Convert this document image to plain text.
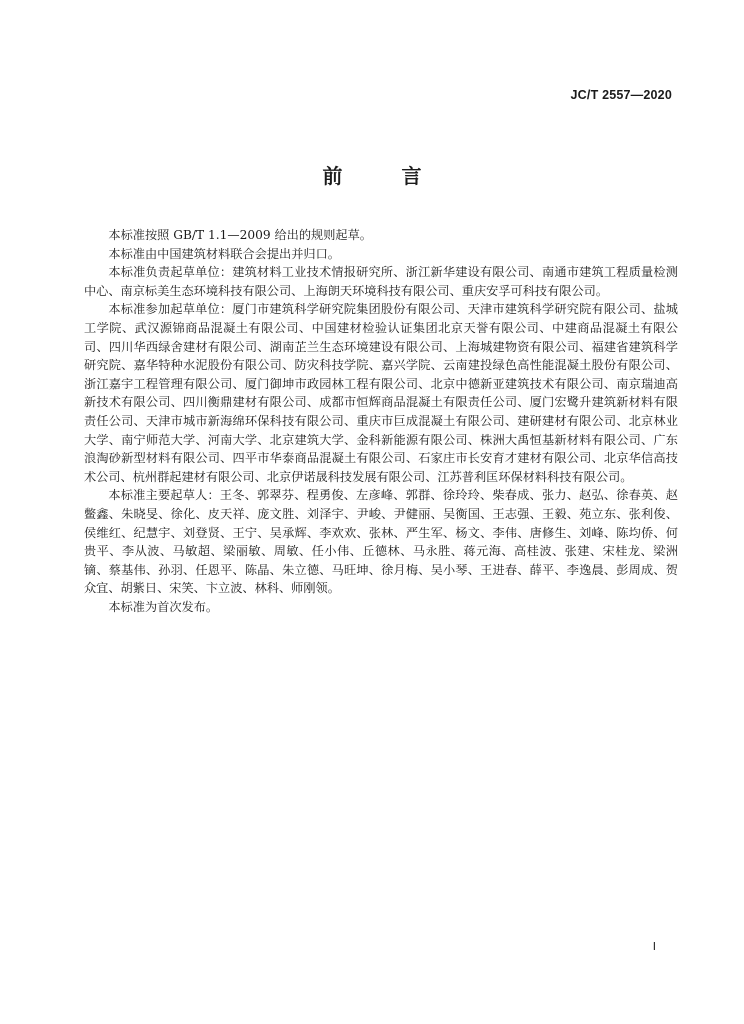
JC/T 2557—2020
前 言

本标准按照 GB/T 1.1—2009 给出的规则起草。

本标准由中国建筑材料联合会提出并归口。

本标准负责起草单位：建筑材料工业技术情报研究所、浙江新华建设有限公司、南通市建筑工程质量检测中心、南京标美生态环境科技有限公司、上海朗天环境科技有限公司、重庆安孚可科技有限公司。

本标准参加起草单位：厦门市建筑科学研究院集团股份有限公司、天津市建筑科学研究院有限公司、盐城工学院、武汉源锦商品混凝土有限公司、中国建材检验认证集团北京天誉有限公司、中建商品混凝土有限公司、四川华西绿舍建材有限公司、湖南芷兰生态环境建设有限公司、上海城建物资有限公司、福建省建筑科学研究院、嘉华特种水泥股份有限公司、防灾科技学院、嘉兴学院、云南建投绿色高性能混凝土股份有限公司、浙江嘉宇工程管理有限公司、厦门御坤市政园林工程有限公司、北京中德新亚建筑技术有限公司、南京瑞迪高新技术有限公司、四川衡鼎建材有限公司、成都市恒辉商品混凝土有限责任公司、厦门宏鹭升建筑新材料有限责任公司、天津市城市新海绵环保科技有限公司、重庆市巨成混凝土有限公司、建研建材有限公司、北京林业大学、南宁师范大学、河南大学、北京建筑大学、金科新能源有限公司、株洲大禹恒基新材料有限公司、广东浪淘砂新型材料有限公司、四平市华泰商品混凝土有限公司、石家庄市长安育才建材有限公司、北京华信高技术公司、杭州群起建材有限公司、北京伊诺晟科技发展有限公司、江苏普利匡环保材料科技有限公司。

本标准主要起草人：王冬、郭翠芬、程勇俊、左彦峰、郭群、徐玲玲、柴春成、张力、赵弘、徐春英、赵鳖鑫、朱晓旻、徐化、皮天祥、庞文胜、刘泽宇、尹峻、尹健丽、吴衡国、王志强、王毅、苑立东、张利俊、侯维红、纪慧宇、刘登贤、王宁、吴承辉、李欢欢、张林、严生军、杨文、李伟、唐修生、刘峰、陈均侨、何贵平、李从波、马敏超、梁丽敏、周敏、任小伟、丘德林、马永胜、蒋元海、高桂波、张建、宋桂龙、梁洲镝、蔡基伟、孙羽、任恩平、陈晶、朱立德、马旺坤、徐月梅、吴小琴、王进春、薛平、李逸晨、彭周成、贺众宜、胡紫日、宋笑、卞立波、林科、师刚领。

本标准为首次发布。

I
